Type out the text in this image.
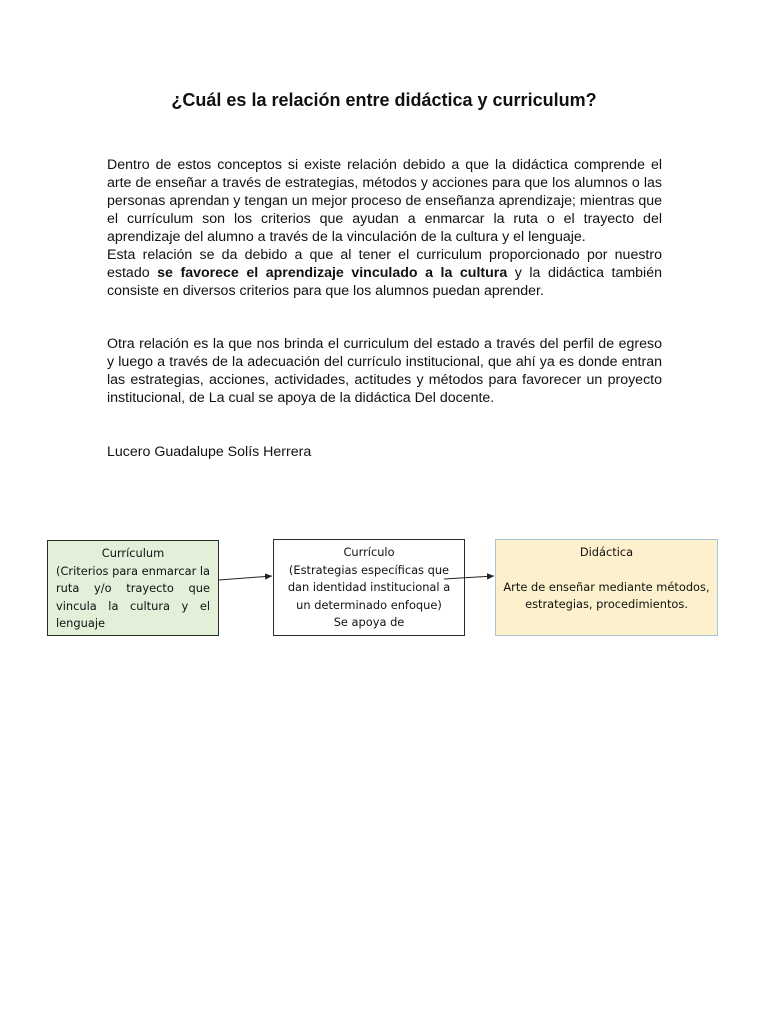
¿Cuál es la relación entre didáctica y curriculum?
Dentro de estos conceptos si existe relación debido a que la didáctica comprende el arte de enseñar a través de estrategias, métodos y acciones para que los alumnos o las personas aprendan y tengan un mejor proceso de enseñanza aprendizaje; mientras que el currículum son los criterios que ayudan a enmarcar la ruta o el trayecto del aprendizaje del alumno a través de la vinculación de la cultura y el lenguaje.
Esta relación se da debido a que al tener el curriculum proporcionado por nuestro estado se favorece el aprendizaje vinculado a la cultura y la didáctica también consiste en diversos criterios para que los alumnos puedan aprender.
Otra relación es la que nos brinda el curriculum del estado a través del perfil de egreso y luego a través de la adecuación del currículo institucional, que ahí ya es donde entran las estrategias, acciones, actividades, actitudes y métodos para favorecer un proyecto institucional, de La cual se apoya de la didáctica Del docente.
Lucero Guadalupe Solís Herrera
Currículum
(Criterios para enmarcar la ruta y/o trayecto que vincula la cultura y el lenguaje
Currículo
(Estrategias específicas que dan identidad institucional a un determinado enfoque)
Se apoya de
Didáctica
Arte de enseñar mediante métodos, estrategias, procedimientos.
